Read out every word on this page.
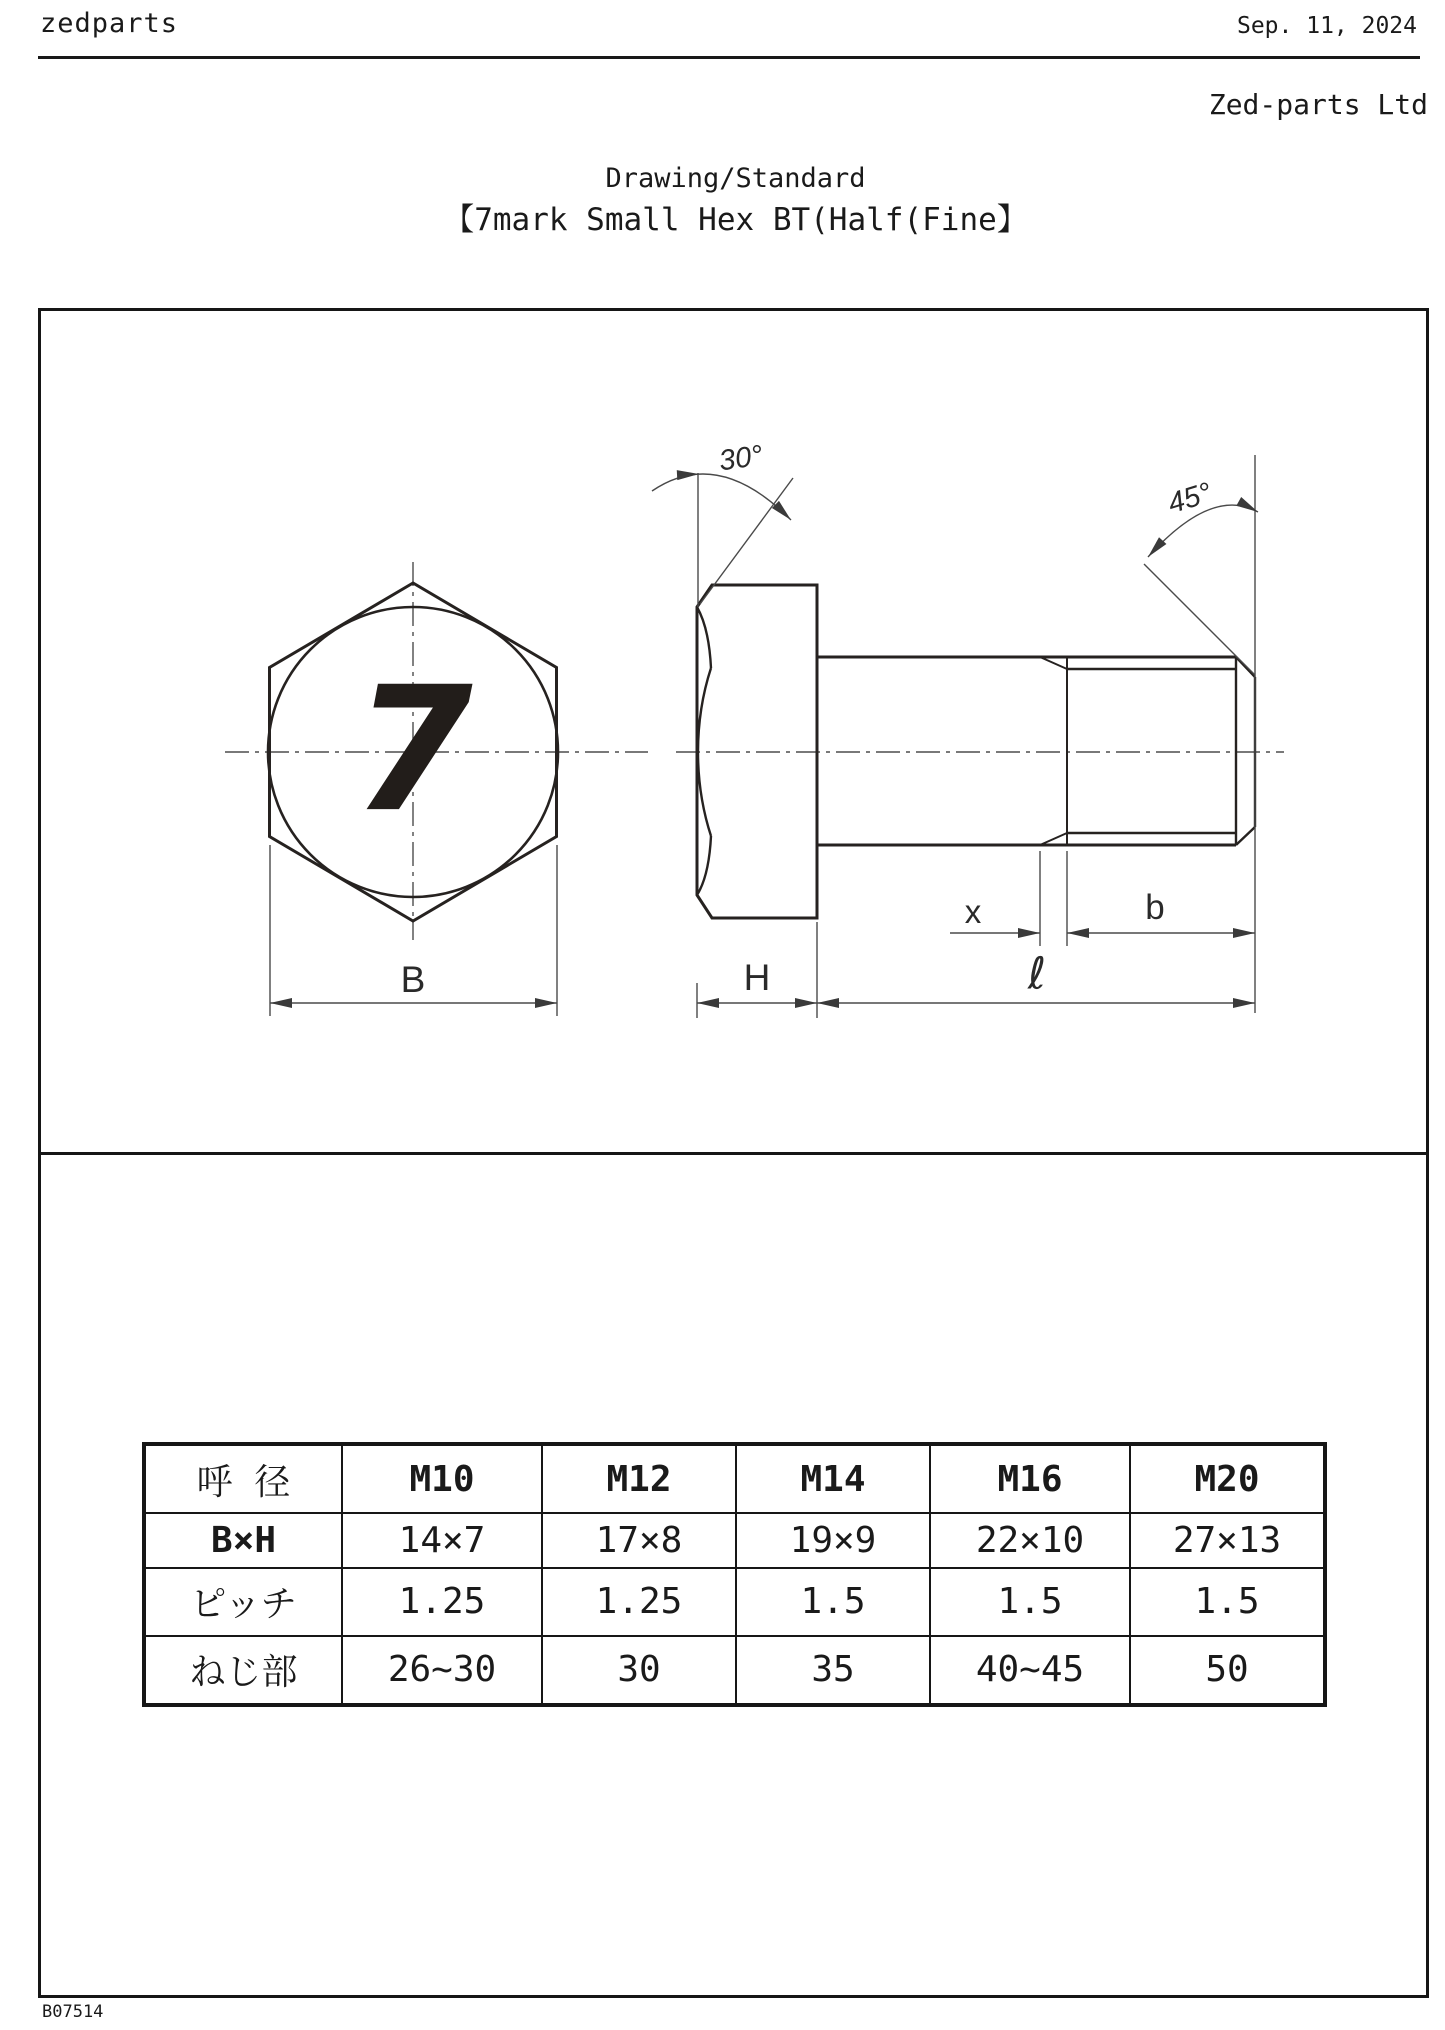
zedparts	Sep. 11, 2024
Zed-parts Ltd
Drawing/Standard
【7mark Small Hex BT(Half(Fine】
7
B	H	ℓ
x	b
30°
45°
呼 径	M10	M12	M14	M16	M20
B×H	14×7	17×8	19×9	22×10	27×13
ピッチ	1.25	1.25	1.5	1.5	1.5
ねじ部	26~30	30	35	40~45	50
B07514
